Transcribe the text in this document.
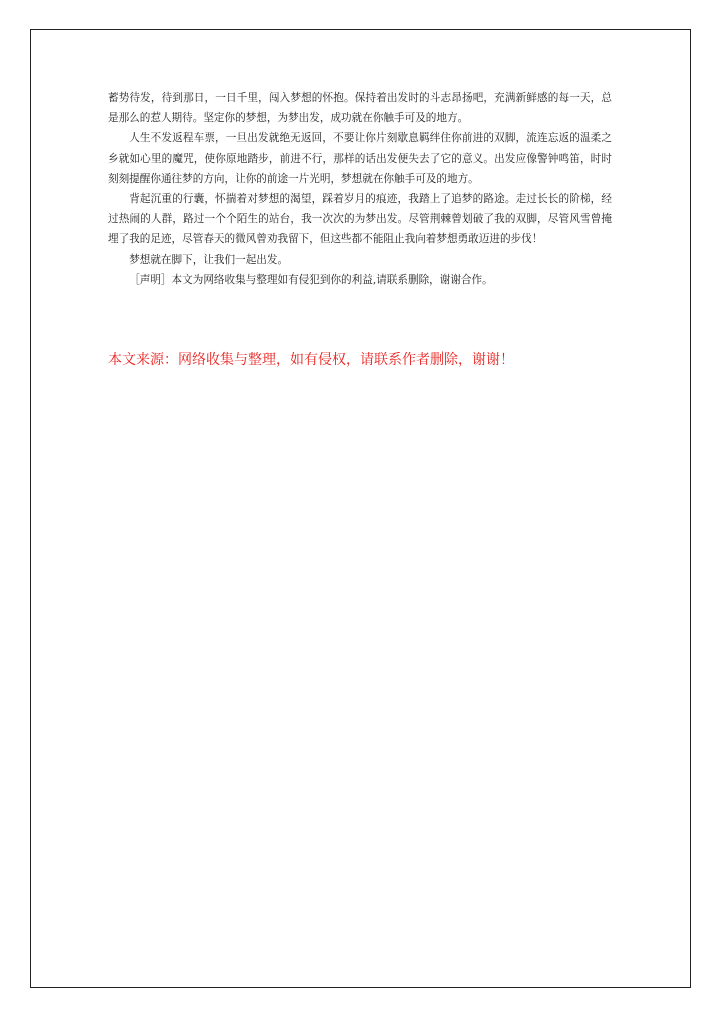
蓄势待发，待到那日，一日千里，闯入梦想的怀抱。保持着出发时的斗志昂扬吧，充满新鲜感的每一天，总是那么的惹人期待。坚定你的梦想，为梦出发，成功就在你触手可及的地方。

人生不发返程车票，一旦出发就绝无返回，不要让你片刻歇息羁绊住你前进的双脚，流连忘返的温柔之乡就如心里的魔咒，使你原地踏步，前进不行，那样的话出发便失去了它的意义。出发应像警钟鸣笛，时时刻刻提醒你通往梦的方向，让你的前途一片光明，梦想就在你触手可及的地方。

背起沉重的行囊，怀揣着对梦想的渴望，踩着岁月的痕迹，我踏上了追梦的路途。走过长长的阶梯，经过热闹的人群，路过一个个陌生的站台，我一次次的为梦出发。尽管荆棘曾划破了我的双脚，尽管风雪曾掩埋了我的足迹，尽管春天的微风曾劝我留下，但这些都不能阻止我向着梦想勇敢迈进的步伐！

梦想就在脚下，让我们一起出发。

［声明］本文为网络收集与整理如有侵犯到你的利益,请联系删除，谢谢合作。

本文来源：网络收集与整理，如有侵权，请联系作者删除，谢谢！
